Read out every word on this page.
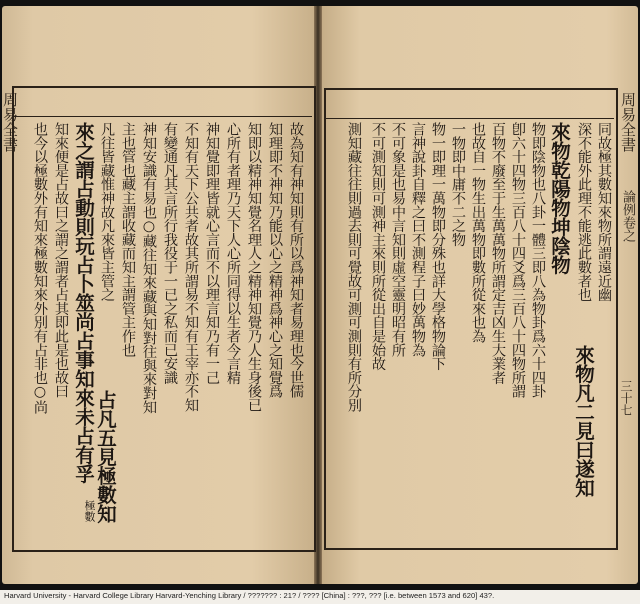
周易全書	周易全書
論例卷之
三十七
故為知有神知則有所以爲神知者易理也今世儒
知理即不神知乃能以心之精神爲神心之知覺爲
知即以精神知覺名理人之精神知覺乃人生身後已
心所有者理乃天下人心所同得以生者今言精
神知覺即理皆就心言而不以理言知乃有一己
不知有天下公共者故其所謂易不知有王宰亦不知
有變通凡其言所行我役于一已之私而已安識
神知安識有易也○藏往知來藏與知對往與來對知
主也管也藏主謂收藏而知主謂管主作也
凡往皆藏惟神故凡來皆主管之
占凡五見極數知
來之謂占動則玩占卜筮尚占事知來未占有孚
知來便是占故曰之謂之謂者占其即此是也故曰
也今以極數外有知來極數知來外別有占非也○尚
極數
同故極其數知來物所謂遠近幽
深不能外此理不能逃此數者也
來物凡二見曰遂知
來物乾陽物坤陰物
物即陰物也八卦一體三即八為物卦爲六十四卦
卽六十四物三百八十四爻爲三百八十四物所謂
百物不廢至于生萬萬物所謂定吉凶生大業者
也故自一物生出萬物即數所從來也為
一物即中庸不二之物
物一即理一萬物即分殊也詳大學格物論下
言神說卦自釋之曰不測程子曰妙萬物為
不可象是也易中言知則虛空靈明昭有所
不可測知則可測神主來則所從出自是始故
測知藏往往則過去則可覺故可測可測則有所分別
Harvard University - Harvard College Library Harvard-Yenching Library / ??????? : 21? / ???? [China] : ???, ??? [i.e. between 1573 and 620] 43?.
